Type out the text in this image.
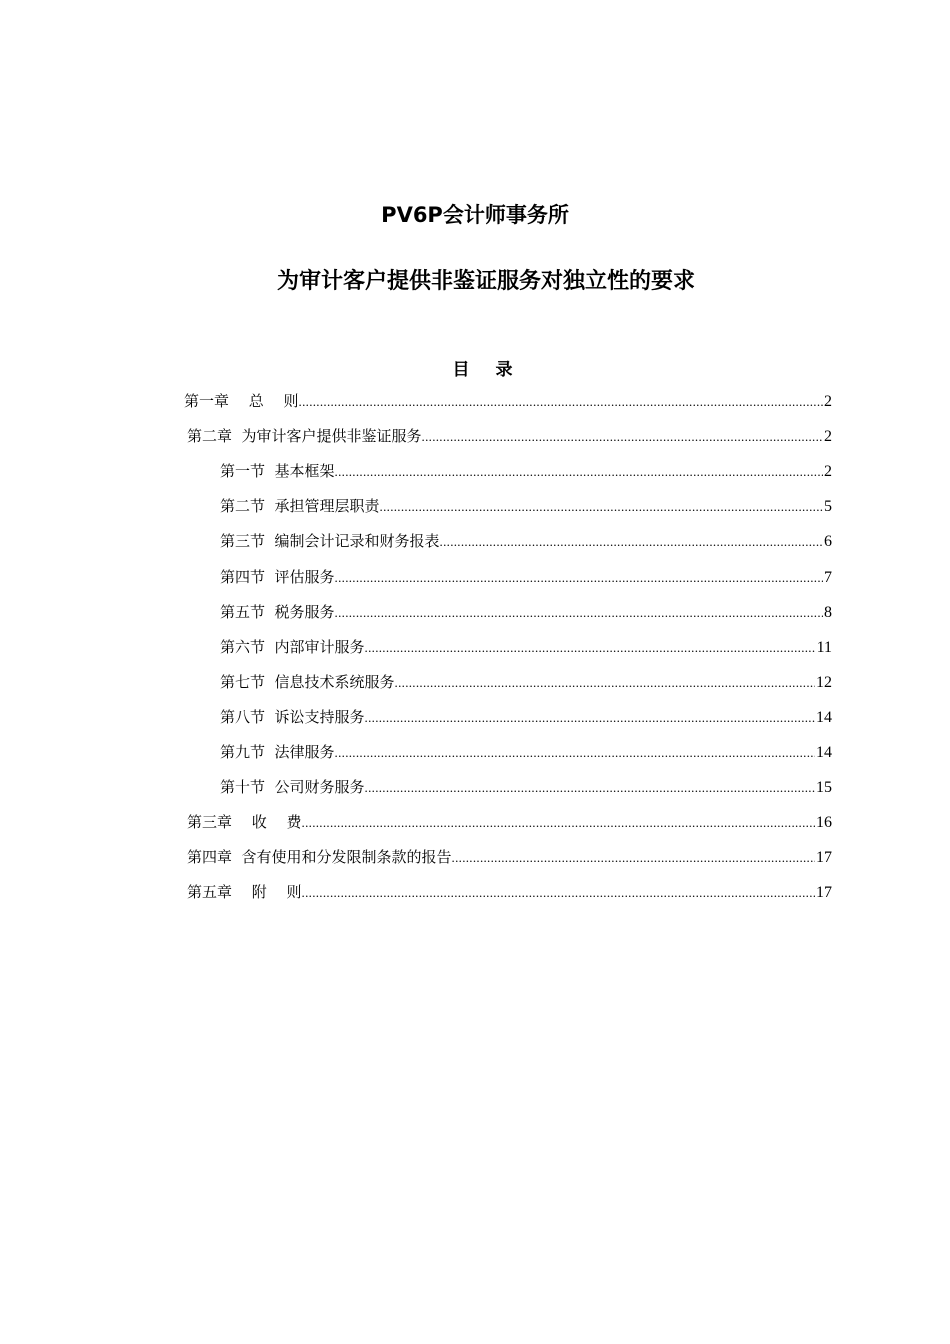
PV6P会计师事务所
为审计客户提供非鉴证服务对独立性的要求
目 录
第一章　 总　 则 .....	2
第二章  为审计客户提供非鉴证服务 .....	2
第一节  基本框架 .....	2
第二节  承担管理层职责 .....	5
第三节  编制会计记录和财务报表 .....	6
第四节  评估服务 .....	7
第五节  税务服务 .....	8
第六节  内部审计服务 .....	11
第七节  信息技术系统服务 .....	12
第八节  诉讼支持服务 .....	14
第九节  法律服务 .....	14
第十节  公司财务服务 .....	15
第三章　 收　 费 .....	16
第四章  含有使用和分发限制条款的报告 .....	17
第五章　 附　 则 .....	17
